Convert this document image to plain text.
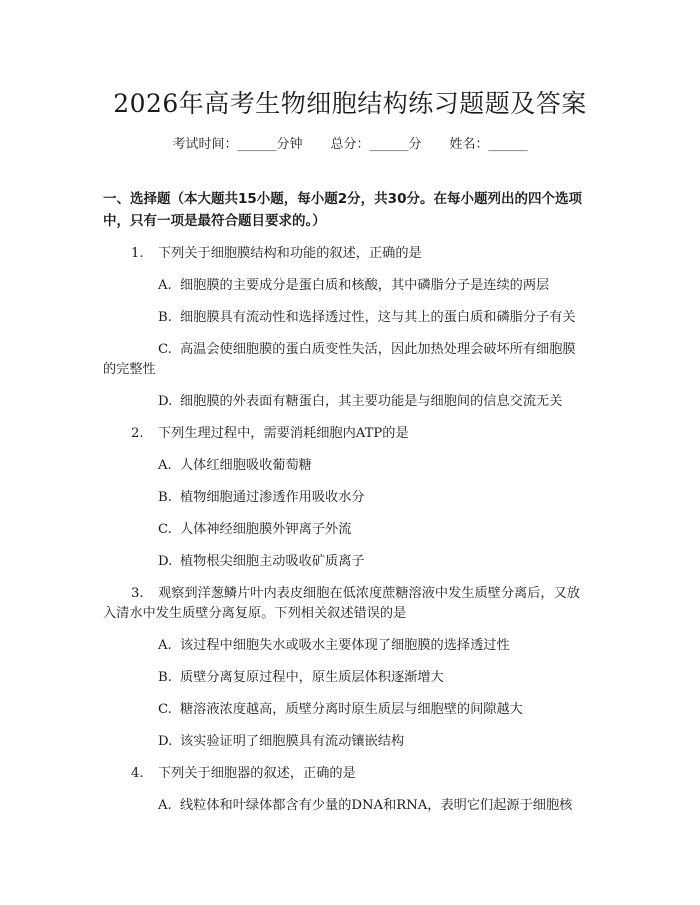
2026年高考生物细胞结构练习题题及答案
考试时间：______分钟 总分：______分 姓名：______
一、选择题（本大题共15小题，每小题2分，共30分。在每小题列出的四个选项中，只有一项是最符合题目要求的。）
1. 下列关于细胞膜结构和功能的叙述，正确的是
A. 细胞膜的主要成分是蛋白质和核酸，其中磷脂分子是连续的两层
B. 细胞膜具有流动性和选择透过性，这与其上的蛋白质和磷脂分子有关
C. 高温会使细胞膜的蛋白质变性失活，因此加热处理会破坏所有细胞膜
的完整性
D. 细胞膜的外表面有糖蛋白，其主要功能是与细胞间的信息交流无关
2. 下列生理过程中，需要消耗细胞内ATP的是
A. 人体红细胞吸收葡萄糖
B. 植物细胞通过渗透作用吸收水分
C. 人体神经细胞膜外钾离子外流
D. 植物根尖细胞主动吸收矿质离子
3. 观察到洋葱鳞片叶内表皮细胞在低浓度蔗糖溶液中发生质壁分离后，又放
入清水中发生质壁分离复原。下列相关叙述错误的是
A. 该过程中细胞失水或吸水主要体现了细胞膜的选择透过性
B. 质壁分离复原过程中，原生质层体积逐渐增大
C. 糖溶液浓度越高，质壁分离时原生质层与细胞壁的间隙越大
D. 该实验证明了细胞膜具有流动镶嵌结构
4. 下列关于细胞器的叙述，正确的是
A. 线粒体和叶绿体都含有少量的DNA和RNA，表明它们起源于细胞核
